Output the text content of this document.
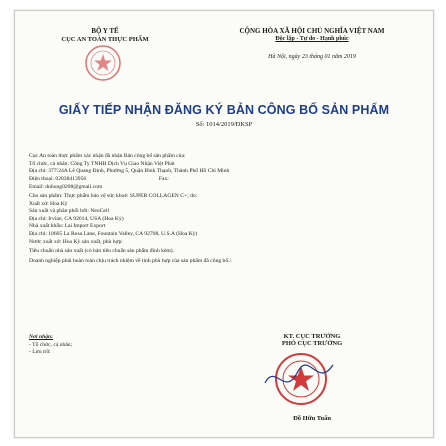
BỘ Y TẾ
CỤC AN TOÀN THỰC PHẨM
CỘNG HÒA XÃ HỘI CHỦ NGHĨA VIỆT NAM
Độc lập - Tự do - Hạnh phúc
Hà Nội, ngày 23 tháng 01 năm 2019
GIẤY TIẾP NHẬN ĐĂNG KÝ BẢN CÔNG BỐ SẢN PHẨM
Số: 1014/2019/ĐKSP
Cục An toàn thực phẩm xác nhận đã nhận Bản công bố sản phẩm của:
Tổ chức, cá nhân: Công Ty TNHH Dịch Vụ Giao Nhận Việt Phát
Địa chỉ: 377/24A Lê Quang Định, Phường 5, Quận Bình Thạnh, Thành Phố Hồ Chí Minh
Điện thoại: 02838413956                                                    Fax:
Email: dnhung0208@gmail.com
Cho sản phẩm: Thực phẩm bảo vệ sức khoẻ: SUPER COLLAGEN C+; do:
Xuất xứ: Hoa Kỳ
Sản xuất và phân phối bởi: NeoCell
Địa chỉ: Irvine, CA 92614, USA (Hoa Kỳ)
Nhà xuất khẩu: Lai Import Export
Địa chỉ: 10605 La Rosa Lane, Fountain Valley, CA 92708, U.S.A (Hoa Kỳ)
Nước xuất xứ: Hoa Kỳ sản xuất, phù hợp:
Tiêu chuẩn nhà sản xuất (có bản tiêu chuẩn sản phẩm đính kèm).
Doanh nghiệp phải hoàn toàn chịu trách nhiệm về tính phù hợp của sản phẩm đã công bố./.
Nơi nhận:
- Tổ chức, cá nhân;
- Lưu trữ.
KT. CỤC TRƯỞNG
PHÓ CỤC TRƯỞNG
Đỗ Hữu Tuấn
